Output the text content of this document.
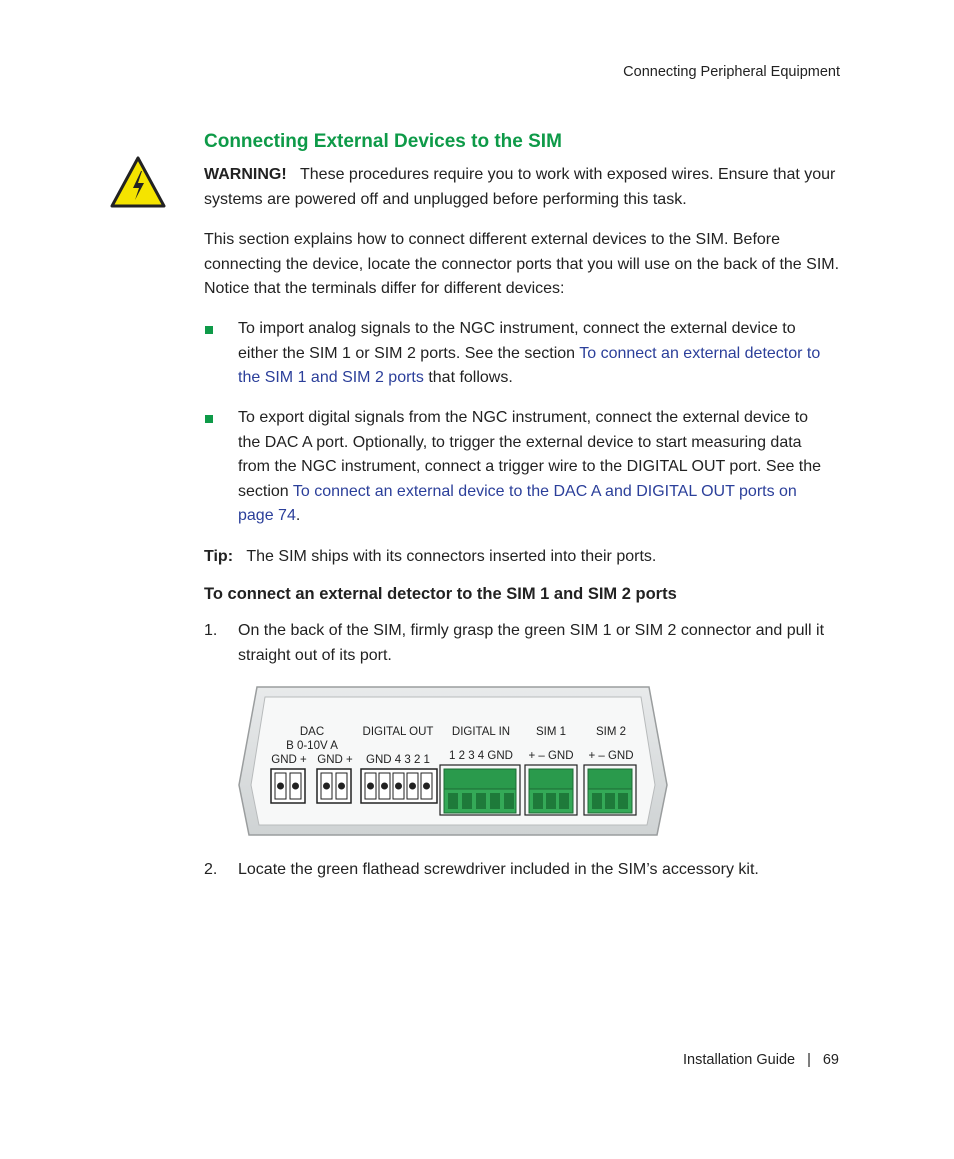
Connecting Peripheral Equipment
Connecting External Devices to the SIM

WARNING! These procedures require you to work with exposed wires. Ensure that your systems are powered off and unplugged before performing this task.

This section explains how to connect different external devices to the SIM. Before connecting the device, locate the connector ports that you will use on the back of the SIM. Notice that the terminals differ for different devices:

To import analog signals to the NGC instrument, connect the external device to either the SIM 1 or SIM 2 ports. See the section To connect an external detector to the SIM 1 and SIM 2 ports that follows.
To export digital signals from the NGC instrument, connect the external device to the DAC A port. Optionally, to trigger the external device to start measuring data from the NGC instrument, connect a trigger wire to the DIGITAL OUT port. See the section To connect an external device to the DAC A and DIGITAL OUT ports on page 74.

Tip: The SIM ships with its connectors inserted into their ports.

To connect an external detector to the SIM 1 and SIM 2 ports
1. On the back of the SIM, firmly grasp the green SIM 1 or SIM 2 connector and pull it straight out of its port.
DAC
B 0-10V A
GND + GND +
DIGITAL OUT
GND 4 3 2 1
DIGITAL IN
1 2 3 4 GND
SIM 1
+ – GND
SIM 2
+ – GND
2. Locate the green flathead screwdriver included in the SIM’s accessory kit.
Installation Guide | 69
